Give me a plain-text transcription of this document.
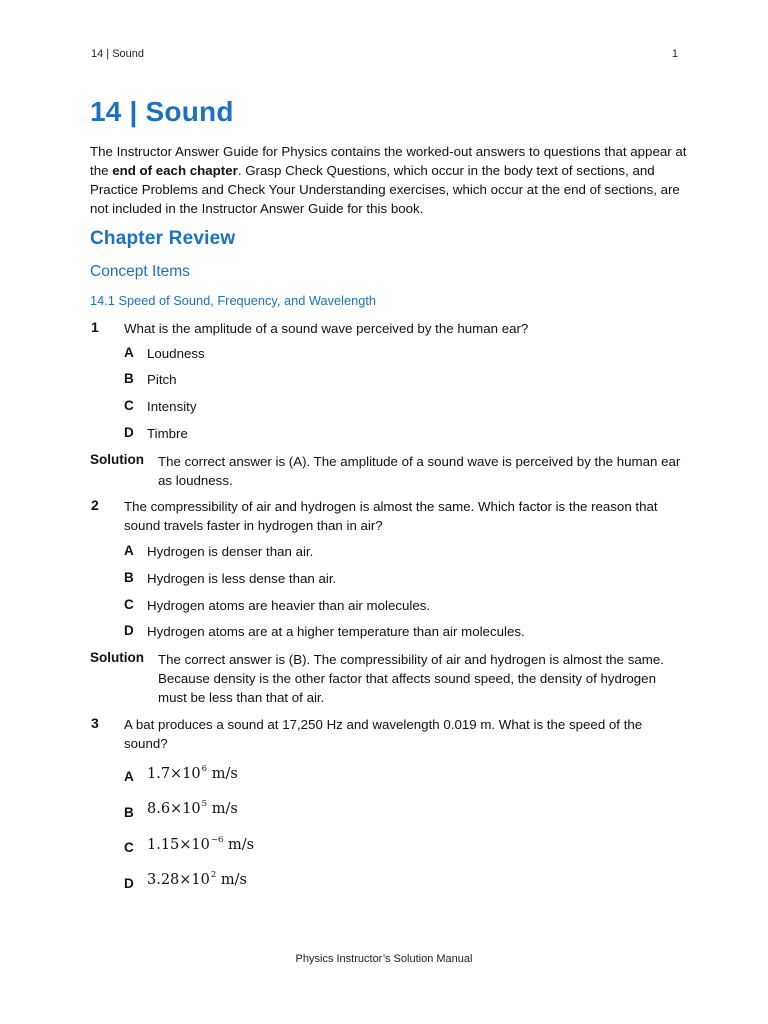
14 | Sound	1
14 | Sound

The Instructor Answer Guide for Physics contains the worked-out answers to questions that appear at the end of each chapter. Grasp Check Questions, which occur in the body text of sections, and Practice Problems and Check Your Understanding exercises, which occur at the end of sections, are not included in the Instructor Answer Guide for this book.

Chapter Review
Concept Items
14.1 Speed of Sound, Frequency, and Wavelength
1 What is the amplitude of a sound wave perceived by the human ear?
A Loudness
B Pitch
C Intensity
D Timbre
Solution The correct answer is (A). The amplitude of a sound wave is perceived by the human ear as loudness.
2 The compressibility of air and hydrogen is almost the same. Which factor is the reason that sound travels faster in hydrogen than in air?
A Hydrogen is denser than air.
B Hydrogen is less dense than air.
C Hydrogen atoms are heavier than air molecules.
D Hydrogen atoms are at a higher temperature than air molecules.
Solution The correct answer is (B). The compressibility of air and hydrogen is almost the same. Because density is the other factor that affects sound speed, the density of hydrogen must be less than that of air.
3 A bat produces a sound at 17,250 Hz and wavelength 0.019 m. What is the speed of the sound?
A $1.7\times 10^6$ m/s
B $8.6\times 10^5$ m/s
C $1.15\times 10^{-6}$ m/s
D $3.28\times 10^2$ m/s
Physics Instructor’s Solution Manual
